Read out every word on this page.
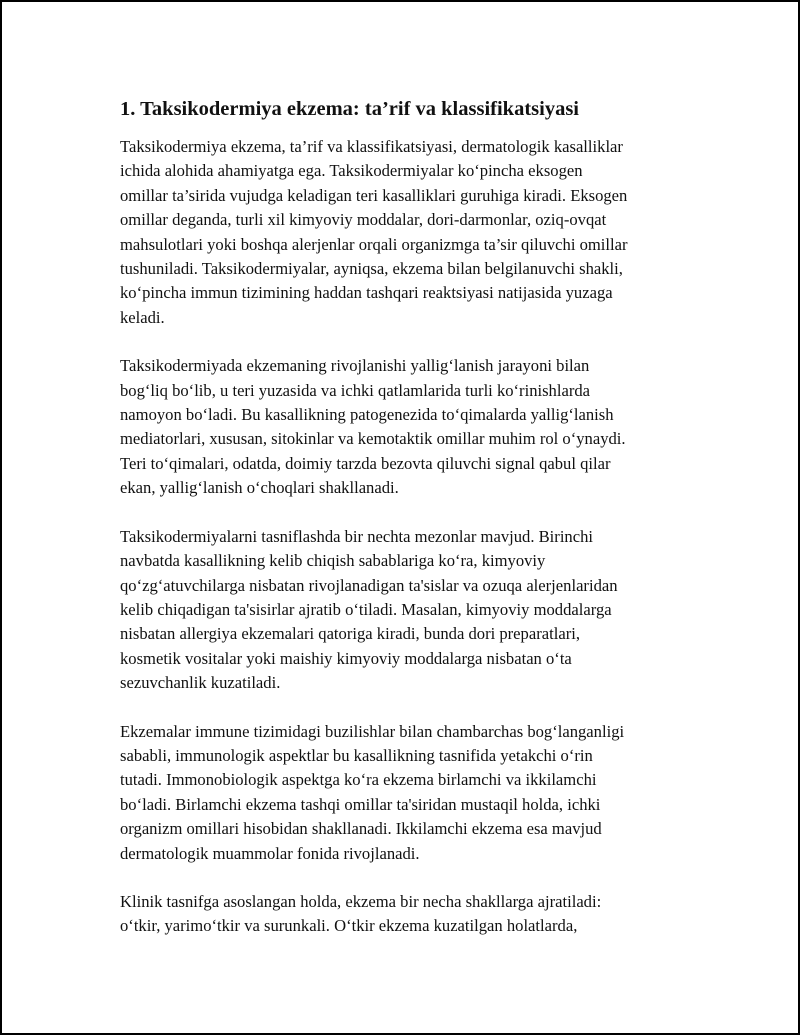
1. Taksikodermiya ekzema: ta’rif va klassifikatsiyasi
Taksikodermiya ekzema, ta’rif va klassifikatsiyasi, dermatologik kasalliklar
ichida alohida ahamiyatga ega. Taksikodermiyalar ko‘pincha eksogen
omillar ta’sirida vujudga keladigan teri kasalliklari guruhiga kiradi. Eksogen
omillar deganda, turli xil kimyoviy moddalar, dori-darmonlar, oziq-ovqat
mahsulotlari yoki boshqa alerjenlar orqali organizmga ta’sir qiluvchi omillar
tushuniladi. Taksikodermiyalar, ayniqsa, ekzema bilan belgilanuvchi shakli,
ko‘pincha immun tizimining haddan tashqari reaktsiyasi natijasida yuzaga
keladi.
Taksikodermiyada ekzemaning rivojlanishi yallig‘lanish jarayoni bilan
bog‘liq bo‘lib, u teri yuzasida va ichki qatlamlarida turli ko‘rinishlarda
namoyon bo‘ladi. Bu kasallikning patogenezida to‘qimalarda yallig‘lanish
mediatorlari, xususan, sitokinlar va kemotaktik omillar muhim rol o‘ynaydi.
Teri to‘qimalari, odatda, doimiy tarzda bezovta qiluvchi signal qabul qilar
ekan, yallig‘lanish o‘choqlari shakllanadi.
Taksikodermiyalarni tasniflashda bir nechta mezonlar mavjud. Birinchi
navbatda kasallikning kelib chiqish sabablariga ko‘ra, kimyoviy
qo‘zg‘atuvchilarga nisbatan rivojlanadigan ta'sislar va ozuqa alerjenlaridan
kelib chiqadigan ta'sisirlar ajratib o‘tiladi. Masalan, kimyoviy moddalarga
nisbatan allergiya ekzemalari qatoriga kiradi, bunda dori preparatlari,
kosmetik vositalar yoki maishiy kimyoviy moddalarga nisbatan o‘ta
sezuvchanlik kuzatiladi.
Ekzemalar immune tizimidagi buzilishlar bilan chambarchas bog‘langanligi
sababli, immunologik aspektlar bu kasallikning tasnifida yetakchi o‘rin
tutadi. Immonobiologik aspektga ko‘ra ekzema birlamchi va ikkilamchi
bo‘ladi. Birlamchi ekzema tashqi omillar ta'siridan mustaqil holda, ichki
organizm omillari hisobidan shakllanadi. Ikkilamchi ekzema esa mavjud
dermatologik muammolar fonida rivojlanadi.
Klinik tasnifga asoslangan holda, ekzema bir necha shakllarga ajratiladi:
o‘tkir, yarimo‘tkir va surunkali. O‘tkir ekzema kuzatilgan holatlarda,
